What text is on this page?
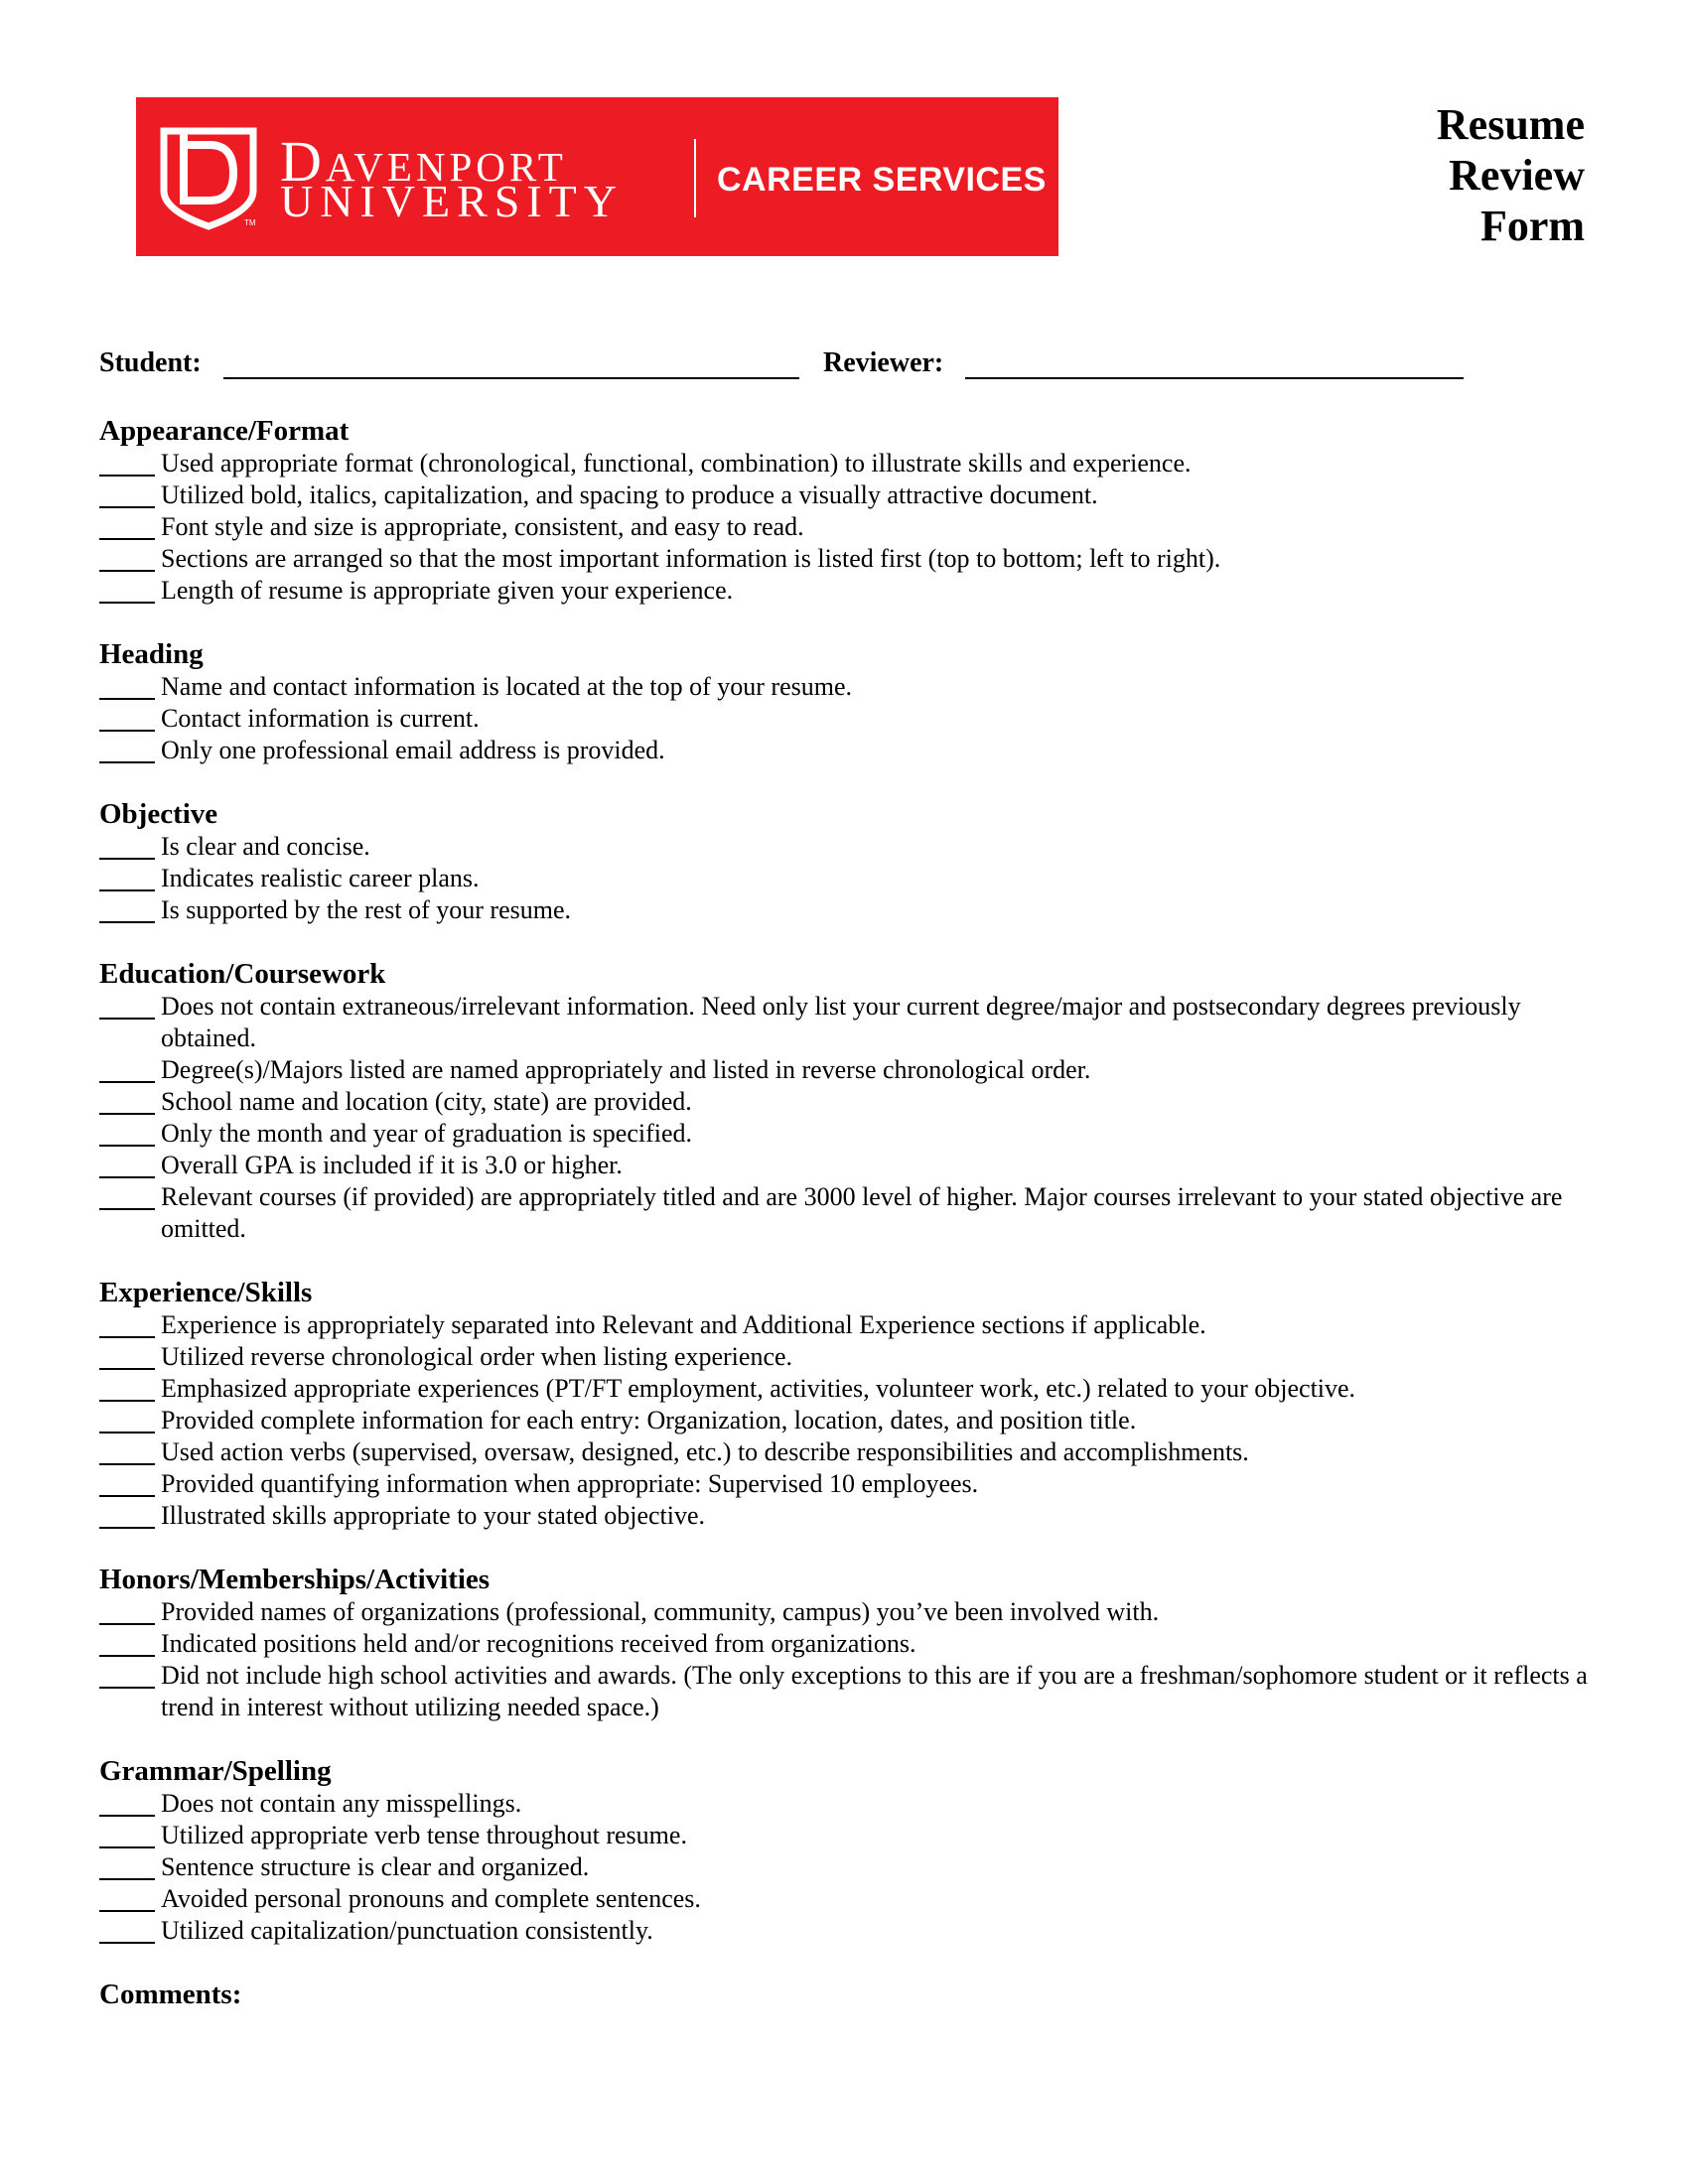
TM
Davenport
UNIVERSITY	CAREER SERVICES
Resume
Review
Form
Student:	Reviewer:
Appearance/Format
Used appropriate format (chronological, functional, combination) to illustrate skills and experience.
Utilized bold, italics, capitalization, and spacing to produce a visually attractive document.
Font style and size is appropriate, consistent, and easy to read.
Sections are arranged so that the most important information is listed first (top to bottom; left to right).
Length of resume is appropriate given your experience.
Heading
Name and contact information is located at the top of your resume.
Contact information is current.
Only one professional email address is provided.
Objective
Is clear and concise.
Indicates realistic career plans.
Is supported by the rest of your resume.
Education/Coursework
Does not contain extraneous/irrelevant information. Need only list your current degree/major and postsecondary degrees previously obtained.
Degree(s)/Majors listed are named appropriately and listed in reverse chronological order.
School name and location (city, state) are provided.
Only the month and year of graduation is specified.
Overall GPA is included if it is 3.0 or higher.
Relevant courses (if provided) are appropriately titled and are 3000 level of higher. Major courses irrelevant to your stated objective are omitted.
Experience/Skills
Experience is appropriately separated into Relevant and Additional Experience sections if applicable.
Utilized reverse chronological order when listing experience.
Emphasized appropriate experiences (PT/FT employment, activities, volunteer work, etc.) related to your objective.
Provided complete information for each entry: Organization, location, dates, and position title.
Used action verbs (supervised, oversaw, designed, etc.) to describe responsibilities and accomplishments.
Provided quantifying information when appropriate: Supervised 10 employees.
Illustrated skills appropriate to your stated objective.
Honors/Memberships/Activities
Provided names of organizations (professional, community, campus) you’ve been involved with.
Indicated positions held and/or recognitions received from organizations.
Did not include high school activities and awards. (The only exceptions to this are if you are a freshman/sophomore student or it reflects a trend in interest without utilizing needed space.)
Grammar/Spelling
Does not contain any misspellings.
Utilized appropriate verb tense throughout resume.
Sentence structure is clear and organized.
Avoided personal pronouns and complete sentences.
Utilized capitalization/punctuation consistently.
Comments:
